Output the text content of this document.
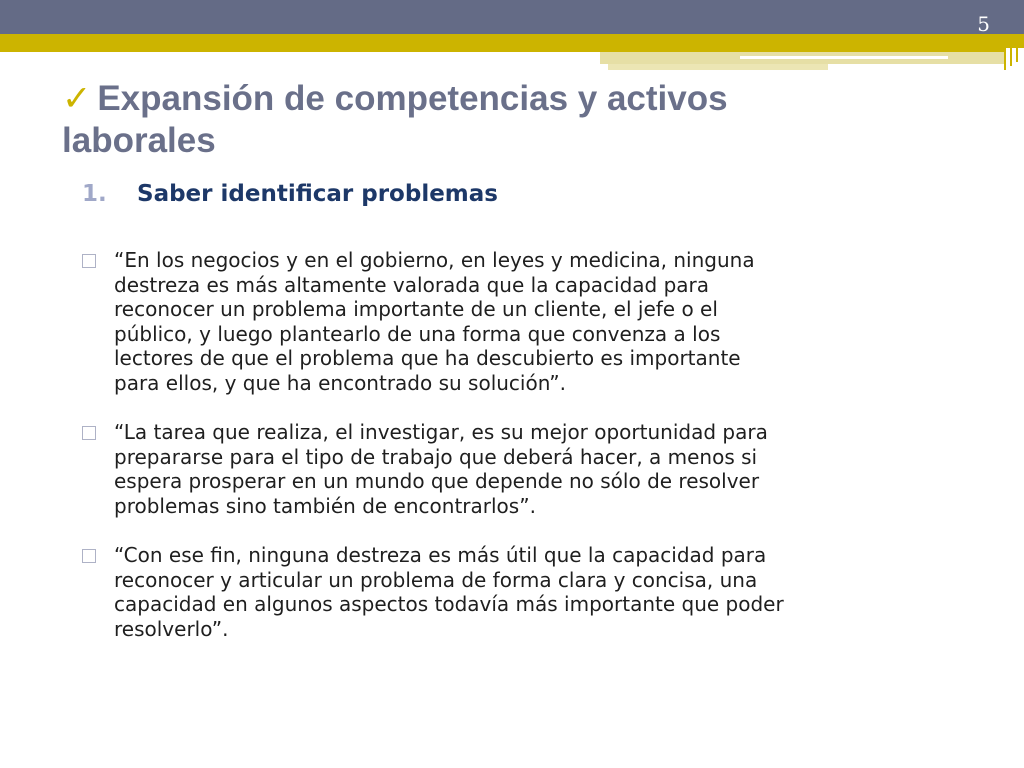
5
✓ Expansión de competencias y activos laborales
1.	Saber identificar problemas
“En los negocios y en el gobierno, en leyes y medicina, ninguna
destreza es más altamente valorada que la capacidad para
reconocer un problema importante de un cliente, el jefe o el
público, y luego plantearlo de una forma que convenza a los
lectores de que el problema que ha descubierto es importante
para ellos, y que ha encontrado su solución”.
“La tarea que realiza, el investigar, es su mejor oportunidad para
prepararse para el tipo de trabajo que deberá hacer, a menos si
espera prosperar en un mundo que depende no sólo de resolver
problemas sino también de encontrarlos”.
“Con ese fin, ninguna destreza es más útil que la capacidad para
reconocer y articular un problema de forma clara y concisa, una
capacidad en algunos aspectos todavía más importante que poder
resolverlo”.
